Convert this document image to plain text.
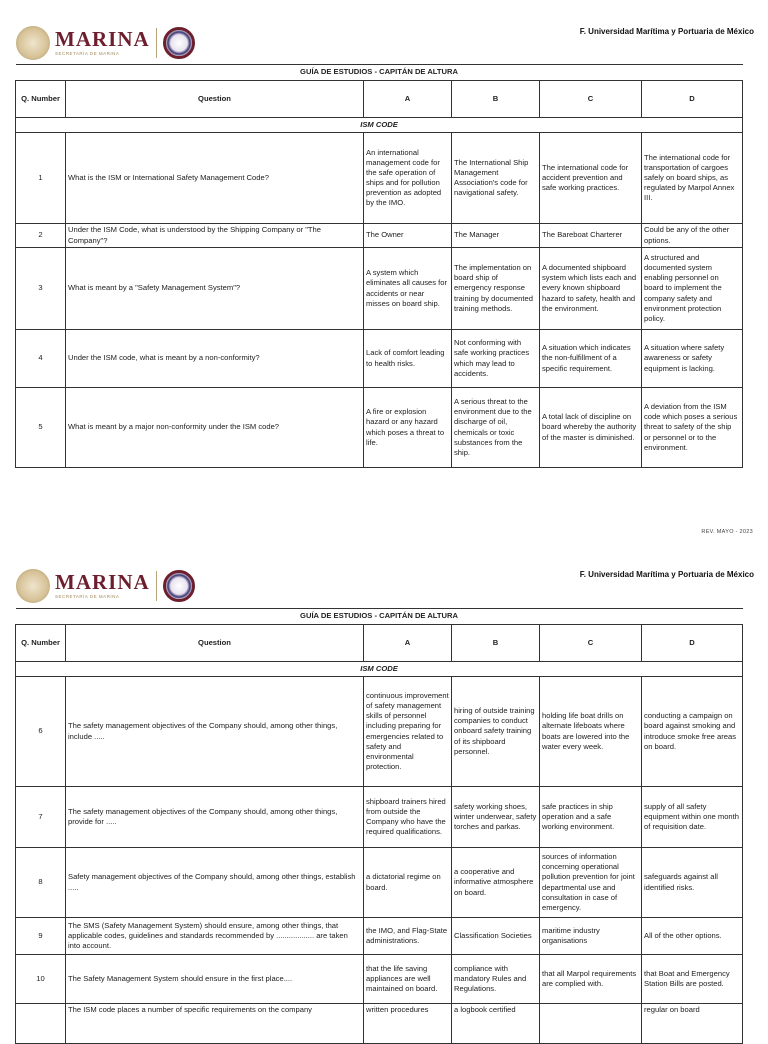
MARINA
SECRETARÍA DE MARINA
F. Universidad Marítima y Portuaria de México
GUÍA DE ESTUDIOS - CAPITÁN DE ALTURA					
Q. Number	Question	A	B	C	D
ISM CODE					
1	What is the ISM or International Safety Management Code?	An international management code for the safe operation of ships and for pollution prevention as adopted by the IMO.	The International Ship Management Association's code for navigational safety.	The international code for accident prevention and safe working practices.	The international code for transportation of cargoes safely on board ships, as regulated by Marpol Annex III.
2	Under the ISM Code, what is understood by the Shipping Company or "The Company"?	The Owner	The Manager	The Bareboat Charterer	Could be any of the other options.
3	What is meant by a "Safety Management System"?	A system which eliminates all causes for accidents or near misses on board ship.	The implementation on board ship of emergency response training by documented training methods.	A documented shipboard system which lists each and every known shipboard hazard to safety, health and the environment.	A structured and documented system enabling personnel on board to implement the company safety and environment protection policy.
4	Under the ISM code, what is meant by a non-conformity?	Lack of comfort leading to health risks.	Not conforming with safe working practices which may lead to accidents.	A situation which indicates the non-fulfillment of a specific requirement.	A situation where safety awareness or safety equipment is lacking.
5	What is meant by a major non-conformity under the ISM code?	A fire or explosion hazard or any hazard which poses a threat to life.	A serious threat to the environment due to the discharge of oil, chemicals or toxic substances from the ship.	A total lack of discipline on board whereby the authority of the master is diminished.	A deviation from the ISM code which poses a serious threat to safety of the ship or personnel or to the environment.
REV. MAYO - 2023
MARINA
SECRETARÍA DE MARINA
F. Universidad Marítima y Portuaria de México
GUÍA DE ESTUDIOS - CAPITÁN DE ALTURA					
Q. Number	Question	A	B	C	D
ISM CODE					
6	The safety management objectives of the Company should, among other things, include .....	continuous improvement of safety management skills of personnel including preparing for emergencies related to safety and environmental protection.	hiring of outside training companies to conduct onboard safety training of its shipboard personnel.	holding life boat drills on alternate lifeboats where boats are lowered into the water every week.	conducting a campaign on board against smoking and introduce smoke free areas on board.
7	The safety management objectives of the Company should, among other things, provide for .....	shipboard trainers hired from outside the Company who have the required qualifications.	safety working shoes, winter underwear, safety torches and parkas.	safe practices in ship operation and a safe working environment.	supply of all safety equipment within one month of requisition date.
8	Safety management objectives of the Company should, among other things, establish .....	a dictatorial regime on board.	a cooperative and informative atmosphere on board.	sources of information concerning operational pollution prevention for joint departmental use and consultation in case of emergency.	safeguards against all identified risks.
9	The SMS (Safety Management System) should ensure, among other things, that applicable codes, guidelines and standards recommended by .................. are taken into account.	the IMO, and Flag-State administrations.	Classification Societies	maritime industry organisations	All of the other options.
10	The Safety Management System should ensure in the first place....	that the life saving appliances are well maintained on board.	compliance with mandatory Rules and Regulations.	that all Marpol requirements are complied with.	that Boat and Emergency Station Bills are posted.
	The ISM code places a number of specific requirements on the company	written procedures	a logbook certified		regular on board
